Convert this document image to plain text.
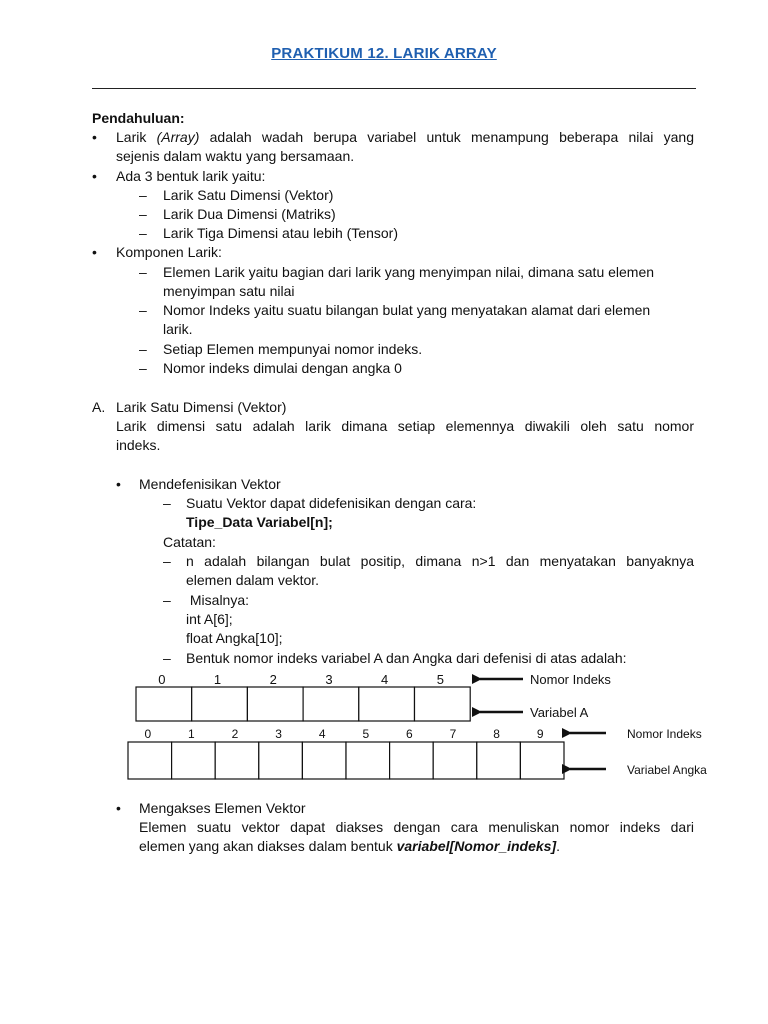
PRAKTIKUM 12. LARIK ARRAY
Pendahuluan:
• Larik (Array) adalah wadah berupa variabel untuk menampung beberapa nilai yang
sejenis dalam waktu yang bersamaan.
• Ada 3 bentuk larik yaitu:
– Larik Satu Dimensi (Vektor)
– Larik Dua Dimensi (Matriks)
– Larik Tiga Dimensi atau lebih (Tensor)
• Komponen Larik:
– Elemen Larik yaitu bagian dari larik yang menyimpan nilai, dimana satu elemen
menyimpan satu nilai
– Nomor Indeks yaitu suatu bilangan bulat yang menyatakan alamat dari elemen
larik.
– Setiap Elemen mempunyai nomor indeks.
– Nomor indeks dimulai dengan angka 0
A. Larik Satu Dimensi (Vektor)
Larik dimensi satu adalah larik dimana setiap elemennya diwakili oleh satu nomor
indeks.
• Mendefenisikan Vektor
– Suatu Vektor dapat didefenisikan dengan cara:
Tipe_Data Variabel[n];
Catatan:
– n adalah bilangan bulat positip, dimana n>1 dan menyatakan banyaknya
elemen dalam vektor.
– Misalnya:
int A[6];
float Angka[10];
– Bentuk nomor indeks variabel A dan Angka dari defenisi di atas adalah:
0	1	2	3	4	5
0	1	2	3	4	5	6	7	8	9
Nomor Indeks
Variabel A
Nomor Indeks
Variabel Angka
• Mengakses Elemen Vektor
Elemen suatu vektor dapat diakses dengan cara menuliskan nomor indeks dari
elemen yang akan diakses dalam bentuk variabel[Nomor_indeks].
